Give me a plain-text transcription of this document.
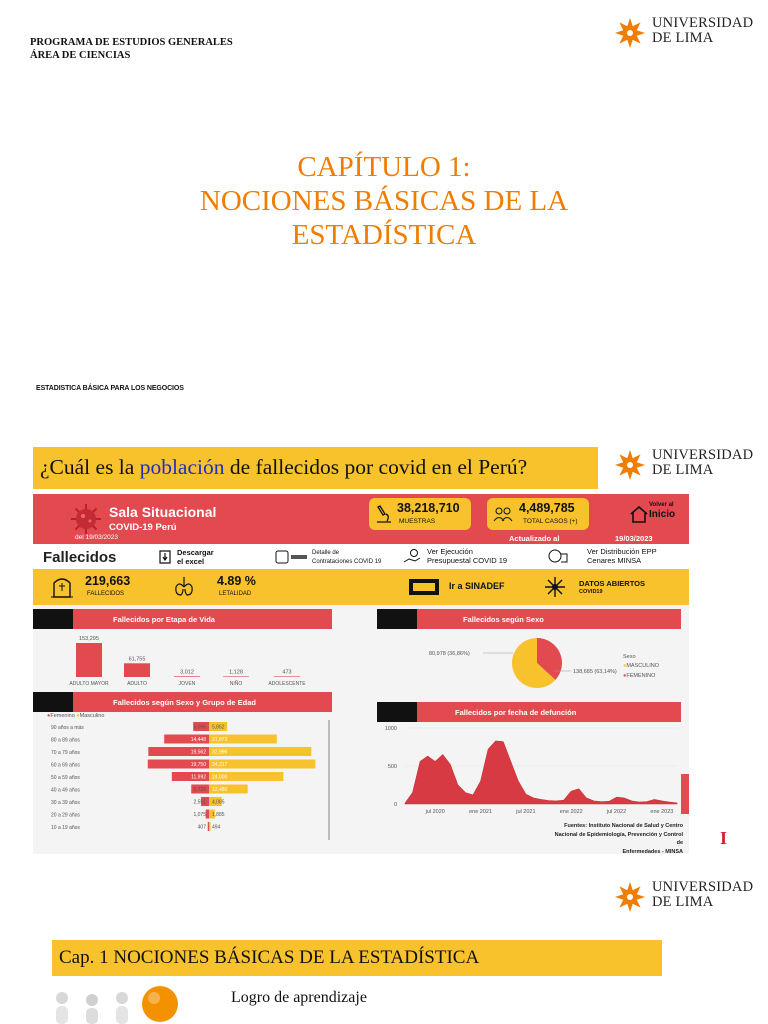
PROGRAMA DE ESTUDIOS GENERALES
ÁREA DE CIENCIAS
UNIVERSIDAD
DE LIMA
CAPÍTULO 1:
NOCIONES BÁSICAS DE LA
ESTADÍSTICA
ESTADISTICA BÁSICA PARA LOS NEGOCIOS
¿Cuál es la población de fallecidos por covid en el Perú?	UNIVERSIDAD
DE LIMA
Sala Situacional
COVID-19 Perú
del 19/03/2023
38,218,710
MUESTRAS
4,489,785
TOTAL CASOS (+)
Actualizado al	19/03/2023
Volver al
Inicio
Fallecidos	Descargar
el excel
Detalle de
Contrataciones COVID 19
Ver Ejecución
Presupuestal COVID 19
Ver Distribución EPP
Cenares MINSA
219,663
FALLECIDOS
4.89 %
LETALIDAD
Ir a SINADEF	DATOS ABIERTOS
COVID19
Fallecidos por Etapa de Vida	Fallecidos según Sexo
Fallecidos según Sexo y Grupo de Edad
Fallecidos por fecha de defunción
153,295
ADULTO MAYOR
61,755
ADULTO
3,012
JOVEN
1,128
NIÑO
473
ADOLESCENTE
80,978 (36,86%)
138,685 (63,14%)
Sexo
●MASCULINO
●FEMENINO
●Femenino ●Masculino
90 años a más	5,096 5,862
80 a 89 años	14,448 21,873
70 a 79 años	19,562 32,996
60 a 69 años	19,750 34,317
50 a 59 años	11,992 24,000
40 a 49 años	5,725 12,480
30 a 39 años	2,551 4,085
20 a 29 años	1,075 1,885
10 a 19 años	407 494
1000
500
0
jul 2020	ene 2021	jul 2021	ene 2022	jul 2022	ene 2023
Fuentes: Instituto Nacional de Salud y Centro
Nacional de Epidemiología, Prevención y Control de
Enfermedades - MINSA
I
UNIVERSIDAD
DE LIMA
Cap. 1 NOCIONES BÁSICAS DE LA ESTADÍSTICA
Logro de aprendizaje
